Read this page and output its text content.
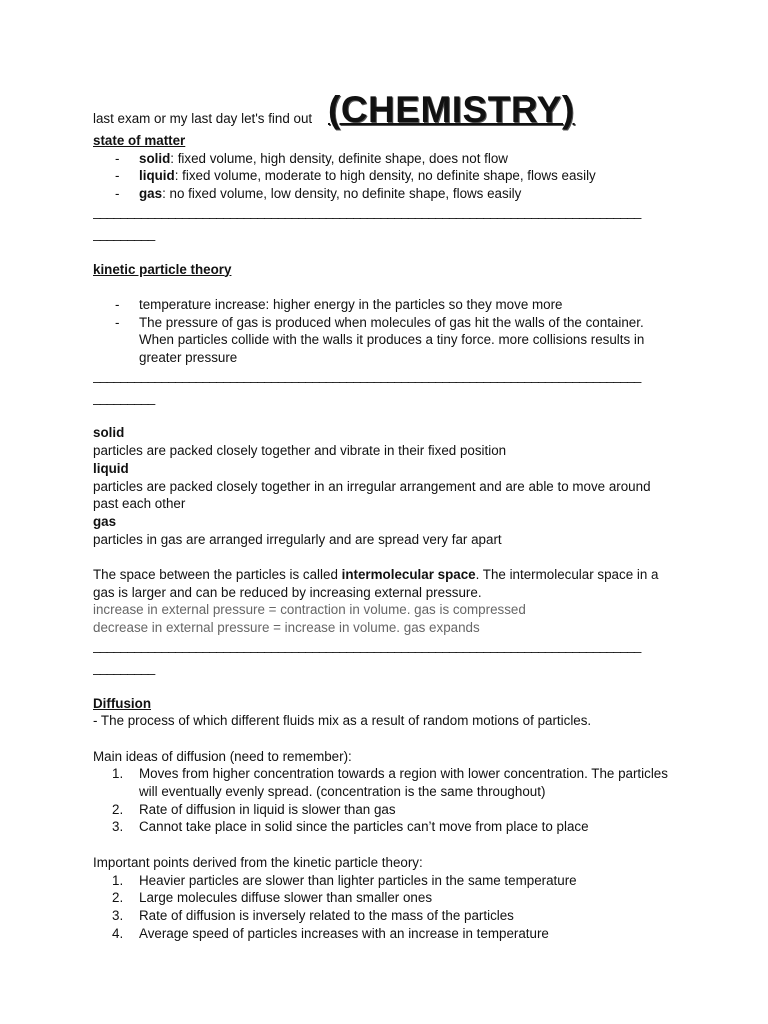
last exam or my last day let's find out (CHEMISTRY)
state of matter
- solid: fixed volume, high density, definite shape, does not flow
- liquid: fixed volume, moderate to high density, no definite shape, flows easily
- gas: no fixed volume, low density, no definite shape, flows easily
________________________________________________________________________________
_________
kinetic particle theory
- temperature increase: higher energy in the particles so they move more
- The pressure of gas is produced when molecules of gas hit the walls of the container. When particles collide with the walls it produces a tiny force. more collisions results in greater pressure
________________________________________________________________________________
_________
solid
particles are packed closely together and vibrate in their fixed position
liquid
particles are packed closely together in an irregular arrangement and are able to move around past each other
gas
particles in gas are arranged irregularly and are spread very far apart
The space between the particles is called intermolecular space. The intermolecular space in a gas is larger and can be reduced by increasing external pressure.
increase in external pressure = contraction in volume. gas is compressed
decrease in external pressure = increase in volume. gas expands
________________________________________________________________________________
_________
Diffusion
- The process of which different fluids mix as a result of random motions of particles.
Main ideas of diffusion (need to remember):
1. Moves from higher concentration towards a region with lower concentration. The particles will eventually evenly spread. (concentration is the same throughout)
2. Rate of diffusion in liquid is slower than gas
3. Cannot take place in solid since the particles can’t move from place to place
Important points derived from the kinetic particle theory:
1. Heavier particles are slower than lighter particles in the same temperature
2. Large molecules diffuse slower than smaller ones
3. Rate of diffusion is inversely related to the mass of the particles
4. Average speed of particles increases with an increase in temperature
